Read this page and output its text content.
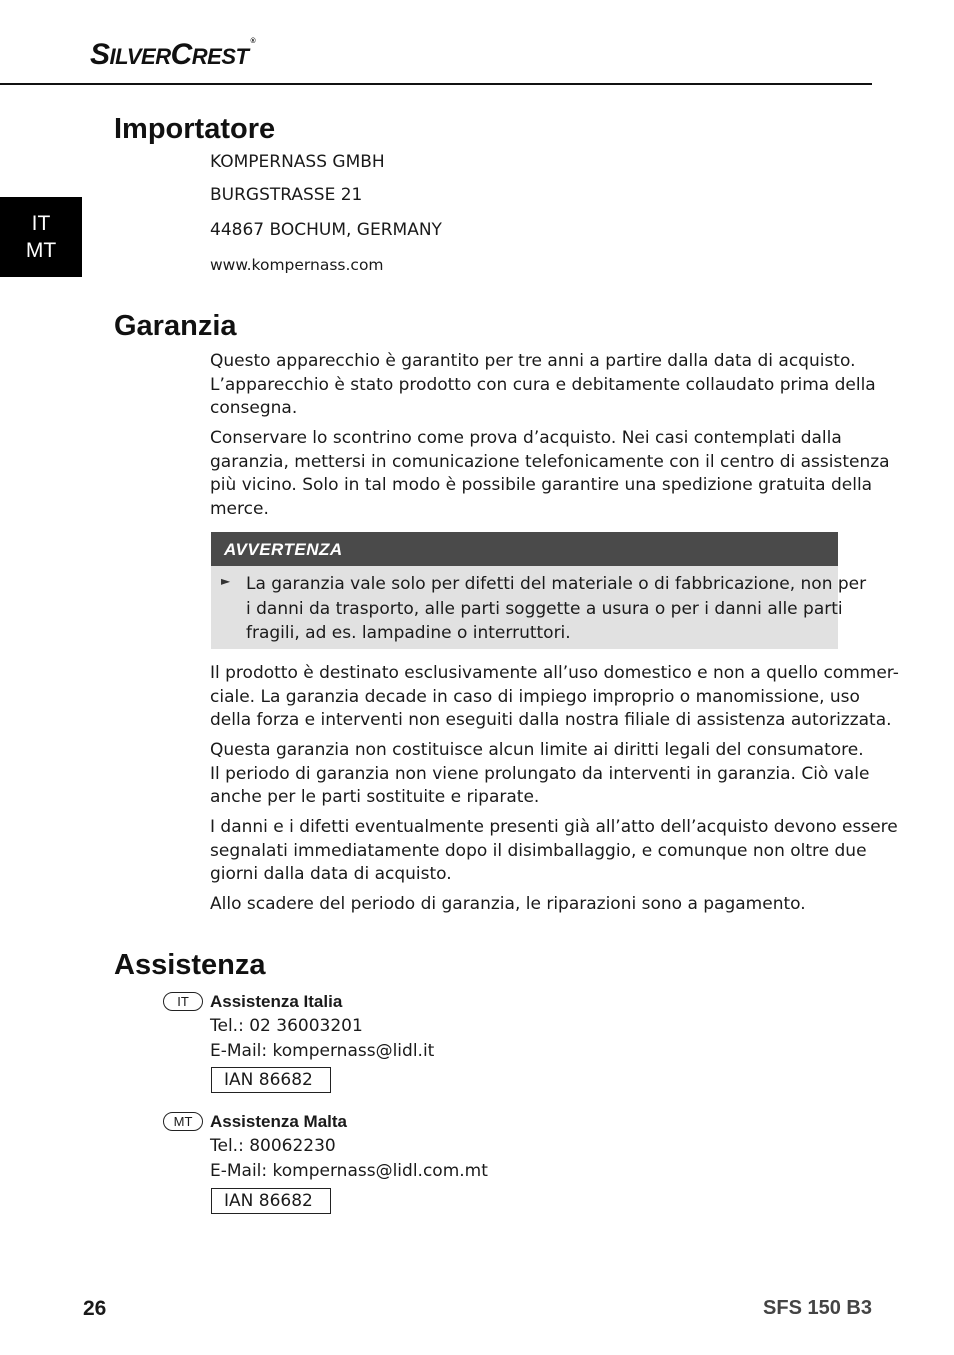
SILVERCREST®
IT
MT
Importatore
KOMPERNASS GMBH
BURGSTRASSE 21
44867 BOCHUM, GERMANY
www.kompernass.com
Garanzia
Questo apparecchio è garantito per tre anni a partire dalla data di acquisto.
L’apparecchio è stato prodotto con cura e debitamente collaudato prima della
consegna.
Conservare lo scontrino come prova d’acquisto. Nei casi contemplati dalla
garanzia, mettersi in comunicazione telefonicamente con il centro di assistenza
più vicino. Solo in tal modo è possibile garantire una spedizione gratuita della
merce.
AVVERTENZA
► La garanzia vale solo per difetti del materiale o di fabbricazione, non per
i danni da trasporto, alle parti soggette a usura o per i danni alle parti
fragili, ad es. lampadine o interruttori.
Il prodotto è destinato esclusivamente all’uso domestico e non a quello commer-
ciale. La garanzia decade in caso di impiego improprio o manomissione, uso
della forza e interventi non eseguiti dalla nostra filiale di assistenza autorizzata.
Questa garanzia non costituisce alcun limite ai diritti legali del consumatore.
Il periodo di garanzia non viene prolungato da interventi in garanzia. Ciò vale
anche per le parti sostituite e riparate.
I danni e i difetti eventualmente presenti già all’atto dell’acquisto devono essere
segnalati immediatamente dopo il disimballaggio, e comunque non oltre due
giorni dalla data di acquisto.
Allo scadere del periodo di garanzia, le riparazioni sono a pagamento.
Assistenza
IT	Assistenza Italia
Tel.: 02 36003201
E-Mail: kompernass@lidl.it
IAN 86682
MT	Assistenza Malta
Tel.: 80062230
E-Mail: kompernass@lidl.com.mt
IAN 86682
26	SFS 150 B3
